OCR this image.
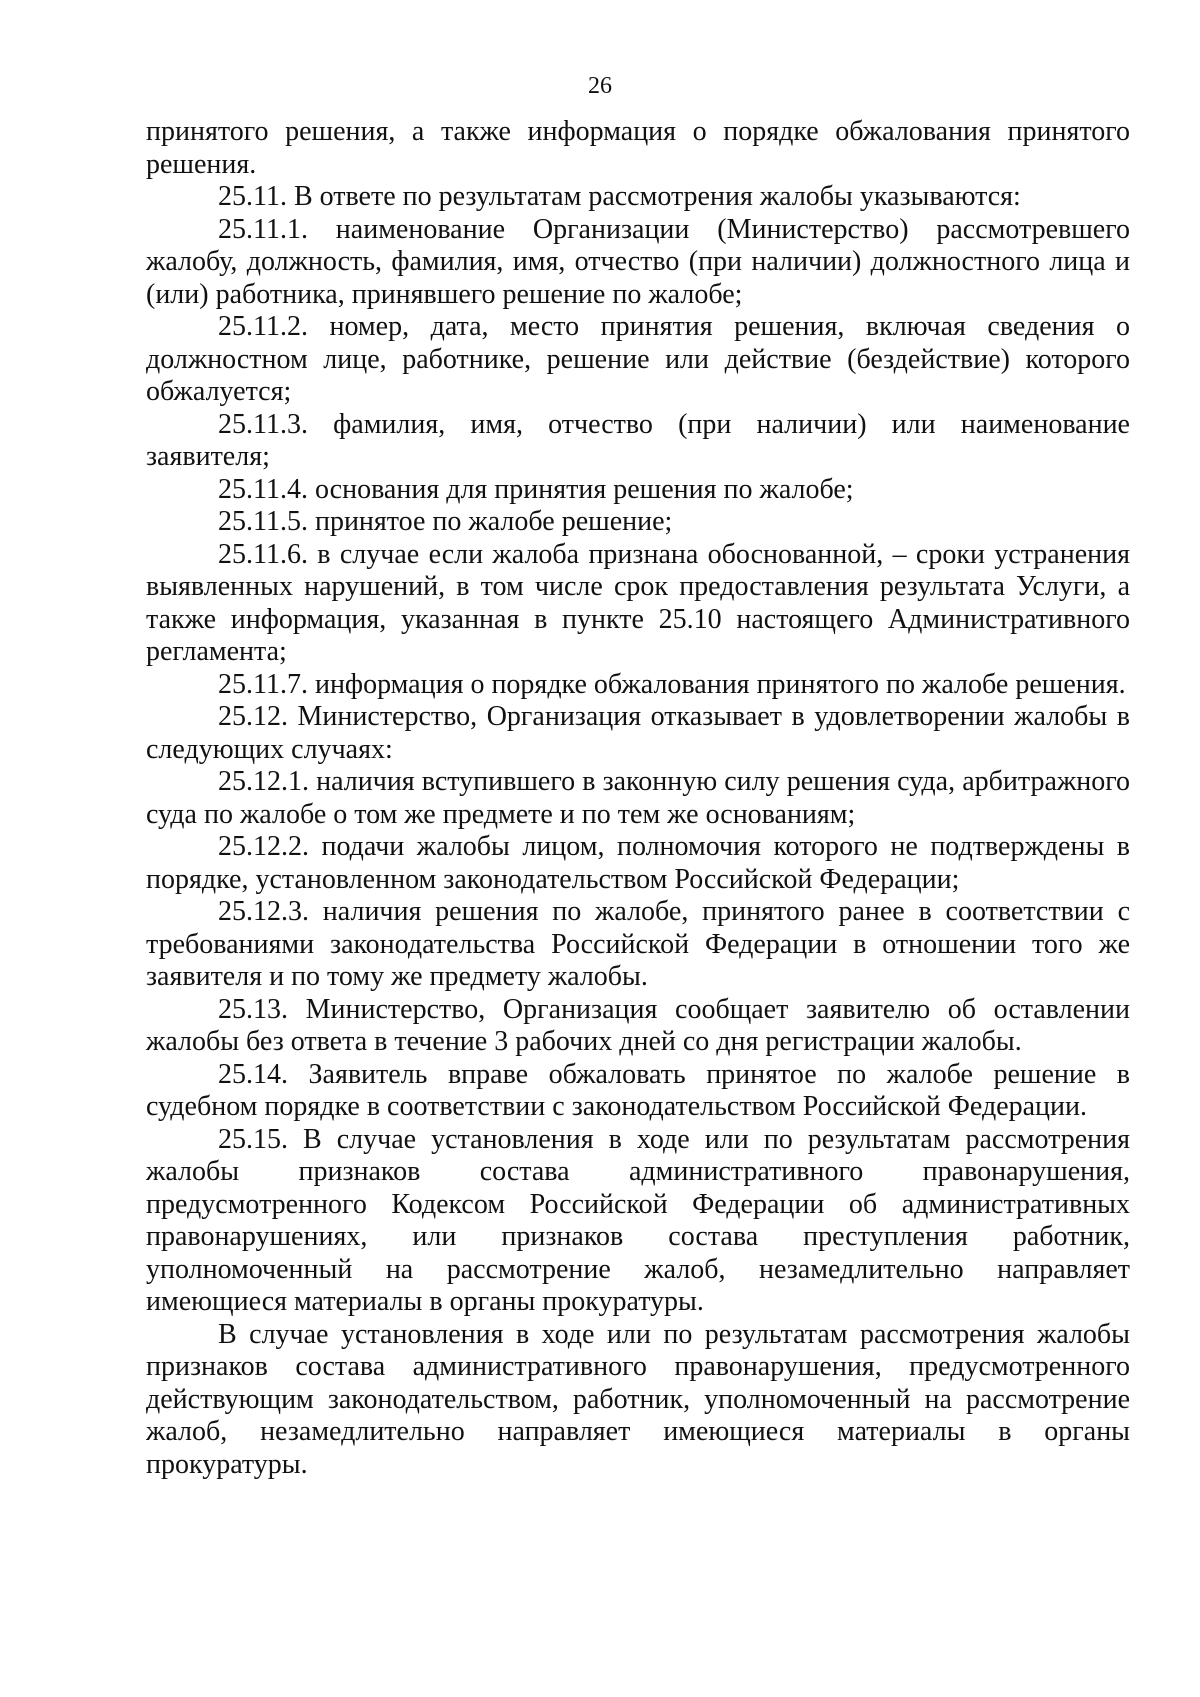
26

принятого решения, а также информация о порядке обжалования принятого решения.

25.11. В ответе по результатам рассмотрения жалобы указываются:

25.11.1. наименование Организации (Министерство) рассмотревшего жалобу, должность, фамилия, имя, отчество (при наличии) должностного лица и (или) работника, принявшего решение по жалобе;

25.11.2. номер, дата, место принятия решения, включая сведения о должностном лице, работнике, решение или действие (бездействие) которого обжалуется;

25.11.3. фамилия, имя, отчество (при наличии) или наименование заявителя;

25.11.4. основания для принятия решения по жалобе;

25.11.5. принятое по жалобе решение;

25.11.6. в случае если жалоба признана обоснованной, – сроки устранения выявленных нарушений, в том числе срок предоставления результата Услуги, а также информация, указанная в пункте 25.10 настоящего Административного регламента;

25.11.7. информация о порядке обжалования принятого по жалобе решения.

25.12. Министерство, Организация отказывает в удовлетворении жалобы в следующих случаях:

25.12.1. наличия вступившего в законную силу решения суда, арбитражного суда по жалобе о том же предмете и по тем же основаниям;

25.12.2. подачи жалобы лицом, полномочия которого не подтверждены в порядке, установленном законодательством Российской Федерации;

25.12.3. наличия решения по жалобе, принятого ранее в соответствии с требованиями законодательства Российской Федерации в отношении того же заявителя и по тому же предмету жалобы.

25.13. Министерство, Организация сообщает заявителю об оставлении жалобы без ответа в течение 3 рабочих дней со дня регистрации жалобы.

25.14. Заявитель вправе обжаловать принятое по жалобе решение в судебном порядке в соответствии с законодательством Российской Федерации.

25.15. В случае установления в ходе или по результатам рассмотрения жалобы признаков состава административного правонарушения, предусмотренного Кодексом Российской Федерации об административных правонарушениях, или признаков состава преступления работник, уполномоченный на рассмотрение жалоб, незамедлительно направляет имеющиеся материалы в органы прокуратуры.

В случае установления в ходе или по результатам рассмотрения жалобы признаков состава административного правонарушения, предусмотренного действующим законодательством, работник, уполномоченный на рассмотрение жалоб, незамедлительно направляет имеющиеся материалы в органы прокуратуры.
